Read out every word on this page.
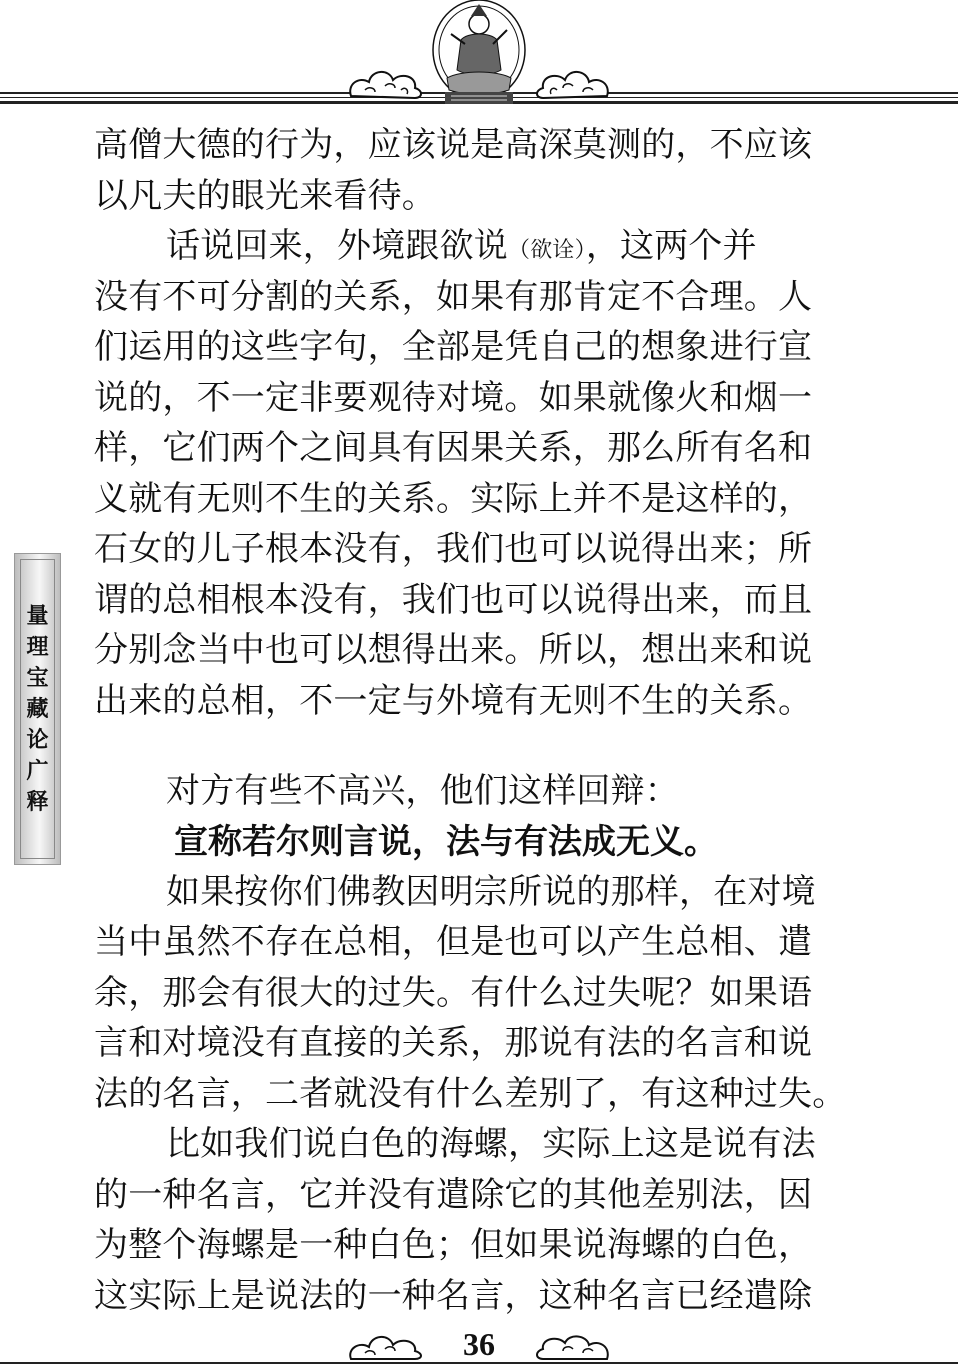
量
理
宝
藏
论
广
释
高僧大德的行为，应该说是高深莫测的，不应该
以凡夫的眼光来看待。
话说回来，外境跟欲说（欲诠），这两个并
没有不可分割的关系，如果有那肯定不合理。人
们运用的这些字句，全部是凭自己的想象进行宣
说的，不一定非要观待对境。如果就像火和烟一
样，它们两个之间具有因果关系，那么所有名和
义就有无则不生的关系。实际上并不是这样的，
石女的儿子根本没有，我们也可以说得出来；所
谓的总相根本没有，我们也可以说得出来，而且
分别念当中也可以想得出来。所以，想出来和说
出来的总相，不一定与外境有无则不生的关系。
对方有些不高兴，他们这样回辩：
宣称若尔则言说，法与有法成无义。
如果按你们佛教因明宗所说的那样，在对境
当中虽然不存在总相，但是也可以产生总相、遣
余，那会有很大的过失。有什么过失呢？如果语
言和对境没有直接的关系，那说有法的名言和说
法的名言，二者就没有什么差别了，有这种过失。
比如我们说白色的海螺，实际上这是说有法
的一种名言，它并没有遣除它的其他差别法，因
为整个海螺是一种白色；但如果说海螺的白色，
这实际上是说法的一种名言，这种名言已经遣除
36
